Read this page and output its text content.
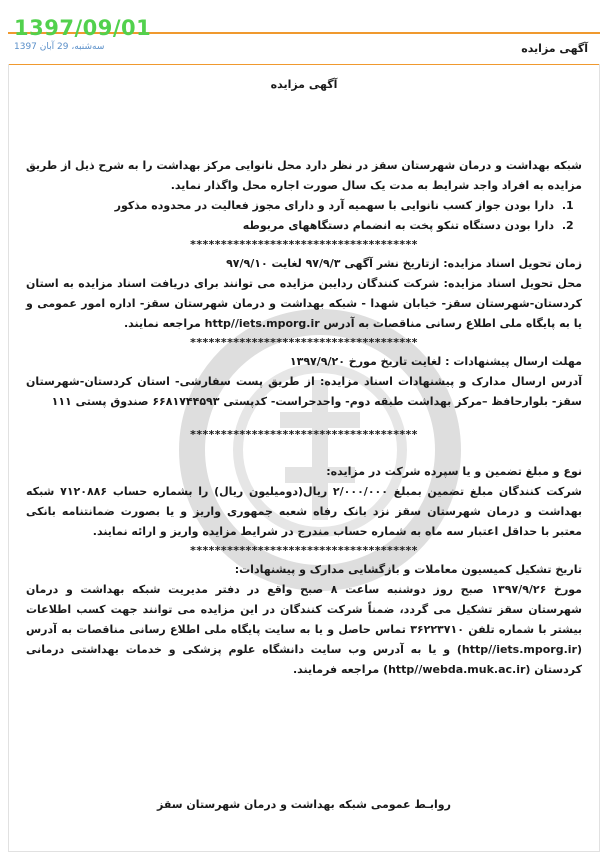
1397/09/01
سه‌شنبه، 29 آبان 1397	آگهی مزایده
آگهی مزایده

شبکه بهداشت و درمان شهرستان سقز در نظر دارد محل نانوایی مرکز بهداشت را به شرح ذیل از طریق مزایده به افراد واجد شرایط به مدت یک سال صورت اجاره محل واگذار نماید.

1. دارا بودن جواز کسب نانوایی با سهمیه آرد و دارای مجوز فعالیت در محدوده مذکور
2. دارا بودن دستگاه تنکو پخت به انضمام دستگاههای مربوطه
*************************************

زمان تحویل اسناد مزایده: ازتاریخ نشر آگهی ۹۷/۹/۳ لغایت ۹۷/۹/۱۰

محل تحویل اسناد مزایده: شرکت کنندگان ردایبن مزایده می توانند برای دریافت اسناد مزایده به استان کردستان-شهرستان سقز- خیابان شهدا - شبکه بهداشت و درمان شهرستان سقز- اداره امور عمومی و یا به پایگاه ملی اطلاع رسانی مناقصات به آدرس http//iets.mporg.ir مراجعه نمایند.

*************************************

مهلت ارسال پیشنهادات : لغایت تاریخ مورخ ۱۳۹۷/۹/۲۰

آدرس ارسال مدارک و پیشنهادات اسناد مزایده: از طریق پست سفارشی- استان کردستان-شهرستان سقز- بلوارحافظ –مرکز بهداشت طبقه دوم- واحدحراست- کدپستی ۶۶۸۱۷۴۴۵۹۳ صندوق پستی ۱۱۱

*************************************

نوع و مبلغ تضمین و یا سپرده شرکت در مزایده:

شرکت کنندگان مبلغ تضمین بمبلغ ۲/۰۰۰/۰۰۰ ریال(دومیلیون ریال) را بشماره حساب ۷۱۲۰۸۸۶ شبکه بهداشت و درمان شهرستان سقز نزد بانک رفاه شعبه جمهوری واریز و یا بصورت ضمانتنامه بانکی معتبر با حداقل اعتبار سه ماه به شماره حساب مندرج در شرایط مزایده واریز و ارائه نمایند.

*************************************

تاریخ تشکیل کمیسیون معاملات و بازگشایی مدارک و پیشنهادات:

مورخ ۱۳۹۷/۹/۲۶ صبح روز دوشنبه ساعت ۸ صبح واقع در دفتر مدیریت شبکه بهداشت و درمان شهرستان سقز تشکیل می گردد، ضمناً شرکت کنندگان در این مزایده می توانند جهت کسب اطلاعات بیشتر با شماره تلفن ۳۶۲۲۳۷۱۰ تماس حاصل و یا به سایت پایگاه ملی اطلاع رسانی مناقصات به آدرس (http//iets.mporg.ir) و یا به آدرس وب سایت دانشگاه علوم پزشکی و خدمات بهداشتی درمانی کردستان (http//webda.muk.ac.ir) مراجعه فرمایند.

روابـط عمومی شبکه بهداشت و درمان شهرستان سقز
